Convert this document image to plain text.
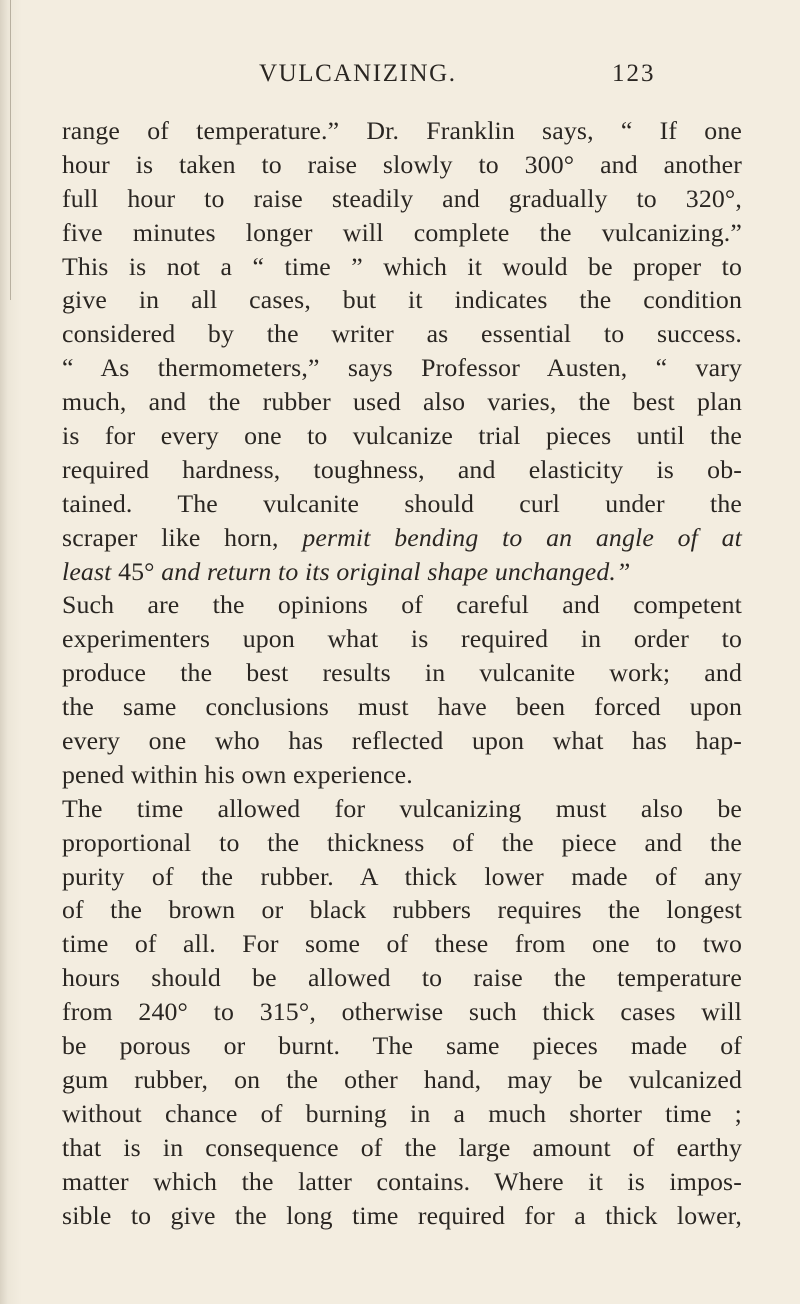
VULCANIZING.	123
range of temperature.” Dr. Franklin says, “ If one
hour is taken to raise slowly to 300° and another
full hour to raise steadily and gradually to 320°,
five minutes longer will complete the vulcanizing.”
This is not a “ time ” which it would be proper to
give in all cases, but it indicates the condition
considered by the writer as essential to success.
“ As thermometers,” says Professor Austen, “ vary
much, and the rubber used also varies, the best plan
is for every one to vulcanize trial pieces until the
required hardness, toughness, and elasticity is ob-
tained. The vulcanite should curl under the
scraper like horn, permit bending to an angle of at
least 45° and return to its original shape unchanged.”
Such are the opinions of careful and competent
experimenters upon what is required in order to
produce the best results in vulcanite work; and
the same conclusions must have been forced upon
every one who has reflected upon what has hap-
pened within his own experience.
The time allowed for vulcanizing must also be
proportional to the thickness of the piece and the
purity of the rubber. A thick lower made of any
of the brown or black rubbers requires the longest
time of all. For some of these from one to two
hours should be allowed to raise the temperature
from 240° to 315°, otherwise such thick cases will
be porous or burnt. The same pieces made of
gum rubber, on the other hand, may be vulcanized
without chance of burning in a much shorter time ;
that is in consequence of the large amount of earthy
matter which the latter contains. Where it is impos-
sible to give the long time required for a thick lower,
